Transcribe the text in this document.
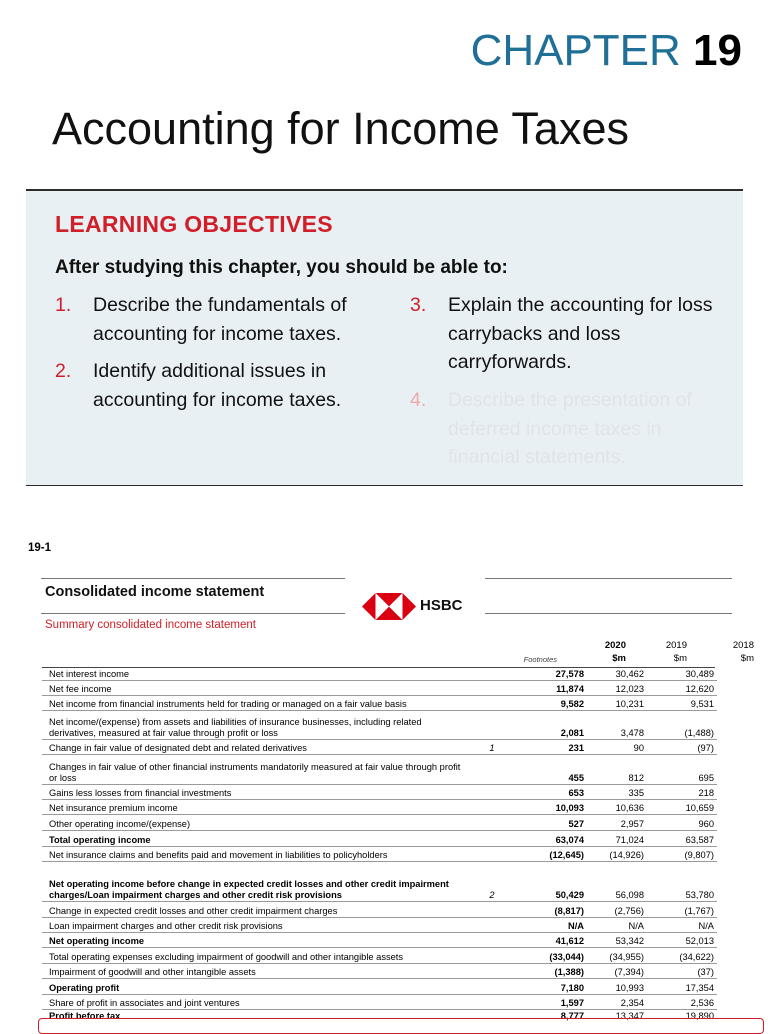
CHAPTER 19
Accounting for Income Taxes
LEARNING OBJECTIVES
After studying this chapter, you should be able to:
1. Describe the fundamentals of accounting for income taxes.
2. Identify additional issues in accounting for income taxes.
3. Explain the accounting for loss carrybacks and loss carryforwards.
4. Describe the presentation of deferred income taxes in financial statements.
19-1
Consolidated income statement
HSBC
Summary consolidated income statement
2020	2019	2018
Footnotes	$m	$m	$m
Net interest income	27,578	30,462	30,489
Net fee income	11,874	12,023	12,620
Net income from financial instruments held for trading or managed on a fair value basis	9,582	10,231	9,531
Net income/(expense) from assets and liabilities of insurance businesses, including related derivatives, measured at fair value through profit or loss	2,081	3,478	(1,488)
Change in fair value of designated debt and related derivatives	1	231	90	(97)
Changes in fair value of other financial instruments mandatorily measured at fair value through profit or loss	455	812	695
Gains less losses from financial investments	653	335	218
Net insurance premium income	10,093	10,636	10,659
Other operating income/(expense)	527	2,957	960
Total operating income	63,074	71,024	63,587
Net insurance claims and benefits paid and movement in liabilities to policyholders	(12,645)	(14,926)	(9,807)
Net operating income before change in expected credit losses and other credit impairment charges/Loan impairment charges and other credit risk provisions	2	50,429	56,098	53,780
Change in expected credit losses and other credit impairment charges	(8,817)	(2,756)	(1,767)
Loan impairment charges and other credit risk provisions	N/A	N/A	N/A
Net operating income	41,612	53,342	52,013
Total operating expenses excluding impairment of goodwill and other intangible assets	(33,044)	(34,955)	(34,622)
Impairment of goodwill and other intangible assets	(1,388)	(7,394)	(37)
Operating profit	7,180	10,993	17,354
Share of profit in associates and joint ventures	1,597	2,354	2,536
Profit before tax	8,777	13,347	19,890
